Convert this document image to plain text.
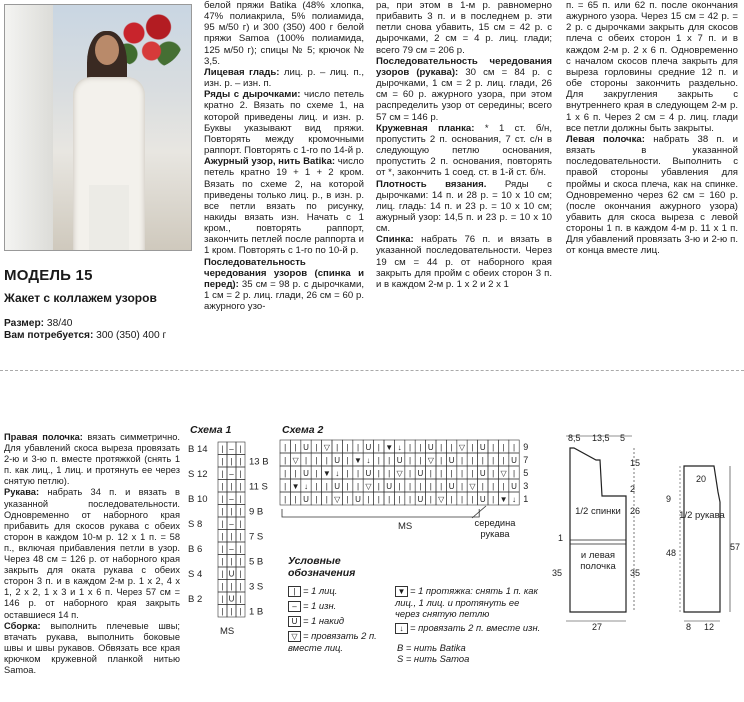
МОДЕЛЬ 15
Жакет с коллажем узоров
Размер: 38/40
Вам потребуется: 300 (350) 400 г

белой пряжи Batika (48% хлопка, 47% полиакрила, 5% полиамида, 95 м/50 г) и 300 (350) 400 г белой пряжи Samoa (100% полиамида, 125 м/50 г); спицы № 5; крючок № 3,5.

Лицевая гладь: лиц. р. – лиц. п., изн. р. – изн. п.

Ряды с дырочками: число петель кратно 2. Вязать по схеме 1, на которой приведены лиц. и изн. р. Буквы указывают вид пряжи. Повторять между кромочными раппорт. Повторять с 1-го по 14-й р.

Ажурный узор, нить Batika: число петель кратно 19 + 1 + 2 кром. Вязать по схеме 2, на которой приведены только лиц. р., в изн. р. все петли вязать по рисунку, накиды вязать изн. Начать с 1 кром., повторять раппорт, закончить петлей после раппорта и 1 кром. Повторять с 1-го по 10-й р.

Последовательность чередования узоров (спинка и перед): 35 см = 98 р. с дырочками, 1 см = 2 р. лиц. глади, 26 см = 60 р. ажурного узо-

ра, при этом в 1-м р. равномерно прибавить 3 п. и в последнем р. эти петли снова убавить, 15 см = 42 р. с дырочками, 2 см = 4 р. лиц. глади; всего 79 см = 206 р.

Последовательность чередования узоров (рукава): 30 см = 84 р. с дырочками, 1 см = 2 р. лиц. глади, 26 см = 60 р. ажурного узора, при этом распределить узор от середины; всего 57 см = 146 р.

Кружевная планка: * 1 ст. б/н, пропустить 2 п. основания, 7 ст. с/н в следующую петлю основания, пропустить 2 п. основания, повторять от *, закончить 1 соед. ст. в 1-й ст. б/н.

Плотность вязания. Ряды с дырочками: 14 п. и 28 р. = 10 х 10 см; лиц. гладь: 14 п. и 23 р. = 10 х 10 см; ажурный узор: 14,5 п. и 23 р. = 10 х 10 см.

Спинка: набрать 76 п. и вязать в указанной последовательности. Через 19 см = 44 р. от наборного края закрыть для пройм с обеих сторон 3 п. и в каждом 2-м р. 1 х 2 и 2 х 1

п. = 65 п. или 62 п. после окончания ажурного узора. Через 15 см = 42 р. = 2 р. с дырочками закрыть для скосов плеча с обеих сторон 1 х 7 п. и в каждом 2-м р. 2 х 6 п. Одновременно с началом скосов плеча закрыть для выреза горловины средние 12 п. и обе стороны закончить раздельно. Для закругления закрыть с внутреннего края в следующем 2-м р. 1 х 6 п. Через 2 см = 4 р. лиц. глади все петли должны быть закрыты.

Левая полочка: набрать 38 п. и вязать в указанной последовательности. Выполнить с правой стороны убавления для проймы и скоса плеча, как на спинке. Одновременно через 62 см = 160 р. (после окончания ажурного узора) убавить для скоса выреза с левой стороны 1 п. в каждом 4-м р. 11 х 1 п. Для убавлений провязать 3-ю и 2-ю п. от конца вместе лиц.

Правая полочка: вязать симметрично. Для убавлений скоса выреза провязать 2-ю и 3-ю п. вместе протяжкой (снять 1 п. как лиц., 1 лиц. и протянуть ее через снятую петлю).

Рукава: набрать 34 п. и вязать в указанной последовательности. Одновременно от наборного края прибавить для скосов рукава с обеих сторон в каждом 10-м р. 12 х 1 п. = 58 п., включая прибавления петли в узор. Через 48 см = 126 р. от наборного края закрыть для оката рукава с обеих сторон 3 п. и в каждом 2-м р. 1 х 2, 4 х 1, 2 х 2, 1 х 3 и 1 х 6 п. Через 57 см = 146 р. от наборного края закрыть оставшиеся 14 п.

Сборка: выполнить плечевые швы; втачать рукава, выполнить боковые швы и швы рукавов. Обвязать все края крючком кружевной планкой нитью Samoa.

Схема 1
| – |
| | |
| – |
| | |
| – |
| | |
| – |
| | |
| – |
| | |
| U |
| | |
| U |
| | |
B 14
S 12
B 10
S 8
B 6
S 4
B 2
13 B
11 S
9 B
7 S
5 B
3 S
1 B
MS
Схема 2
| | U | ▽ | | | U | ▼ ↓ | | U | | ▽ | U | | |
| ▽ | | | U | ▼ ↓ | | U | | ▽ | U | | | | | U
| | U | ▼ ↓ | | U | | ▽ | U | | | | | U | ▽ |
| ▼ ↓ | | U | | ▽ | U | | | | | U | ▽ | | | U
| | U | | ▽ | U | | | | | U | ▽ | | | U | ▼ ↓
9
7
5
3
1
MS	середина рукава
Условные обозначения
| = 1 лиц.
– = 1 изн.
U = 1 накид
▽ = провязать 2 п. вместе лиц.
▼ = 1 протяжка: снять 1 п. как лиц., 1 лиц. и протянуть ее через снятую петлю
↓ = провязать 2 п. вместе изн.
B = нить Batika
S = нить Samoa
8,5 13,5 5
15
2
1
26
35	35
27
20
9
48
57
8 12
1/2 спинки
и левая
полочка
1/2 рукава
